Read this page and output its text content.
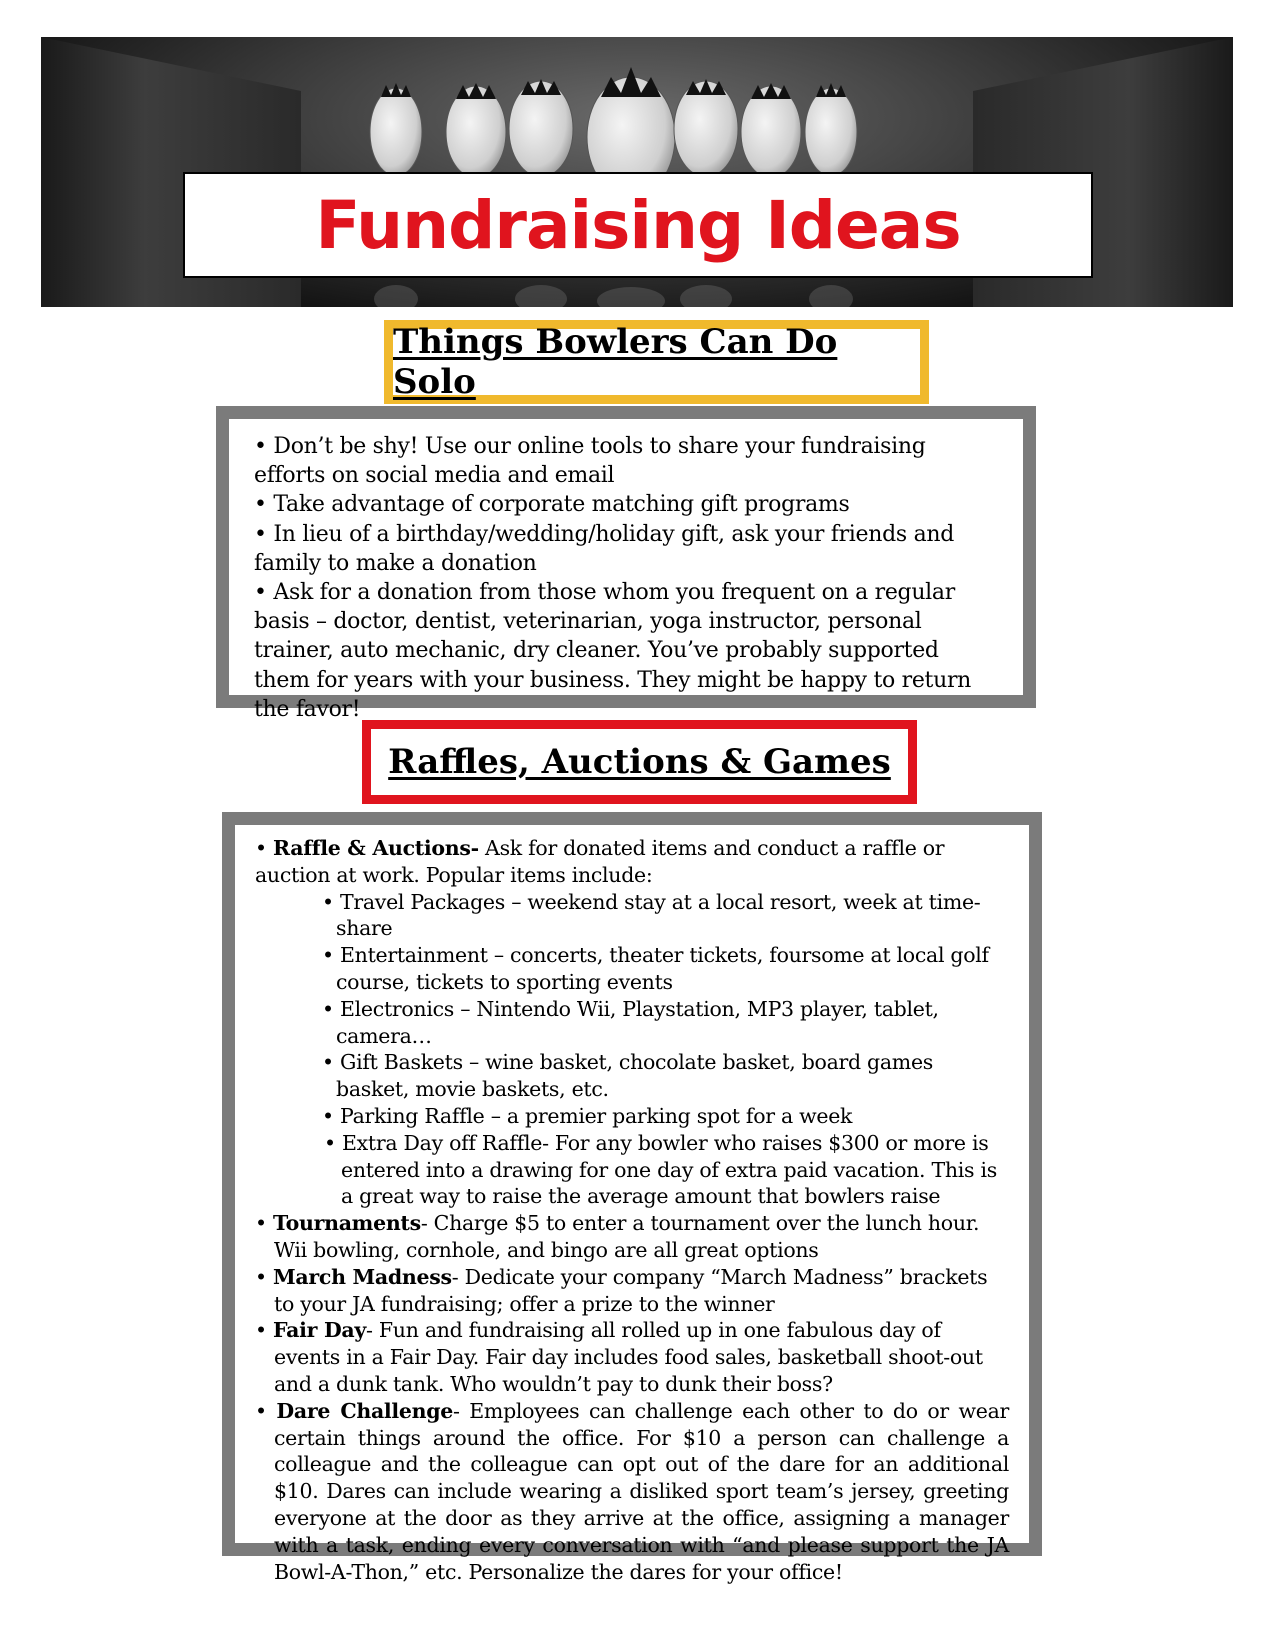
Fundraising Ideas
Things Bowlers Can Do Solo

• Don’t be shy! Use our online tools to share your fundraising efforts on social media and email

• Take advantage of corporate matching gift programs

• In lieu of a birthday/wedding/holiday gift, ask your friends and family to make a donation

• Ask for a donation from those whom you frequent on a regular basis – doctor, dentist, veterinarian, yoga instructor, personal trainer, auto mechanic, dry cleaner. You’ve probably supported them for years with your business. They might be happy to return the favor!

Raffles, Auctions & Games
• Raffle & Auctions- Ask for donated items and conduct a raffle or auction at work. Popular items include:
• Travel Packages – weekend stay at a local resort, week at time-share
• Entertainment – concerts, theater tickets, foursome at local golf course, tickets to sporting events
• Electronics – Nintendo Wii, Playstation, MP3 player, tablet, camera…
• Gift Baskets – wine basket, chocolate basket, board games basket, movie baskets, etc.
• Parking Raffle – a premier parking spot for a week
• Extra Day off Raffle- For any bowler who raises $300 or more is entered into a drawing for one day of extra paid vacation. This is a great way to raise the average amount that bowlers raise
• Tournaments- Charge $5 to enter a tournament over the lunch hour. Wii bowling, cornhole, and bingo are all great options
• March Madness- Dedicate your company “March Madness” brackets to your JA fundraising; offer a prize to the winner
• Fair Day- Fun and fundraising all rolled up in one fabulous day of events in a Fair Day. Fair day includes food sales, basketball shoot-out and a dunk tank. Who wouldn’t pay to dunk their boss?
• Dare Challenge- Employees can challenge each other to do or wear certain things around the office. For $10 a person can challenge a colleague and the colleague can opt out of the dare for an additional $10. Dares can include wearing a disliked sport team’s jersey, greeting everyone at the door as they arrive at the office, assigning a manager with a task, ending every conversation with “and please support the JA Bowl-A-Thon,” etc. Personalize the dares for your office!
